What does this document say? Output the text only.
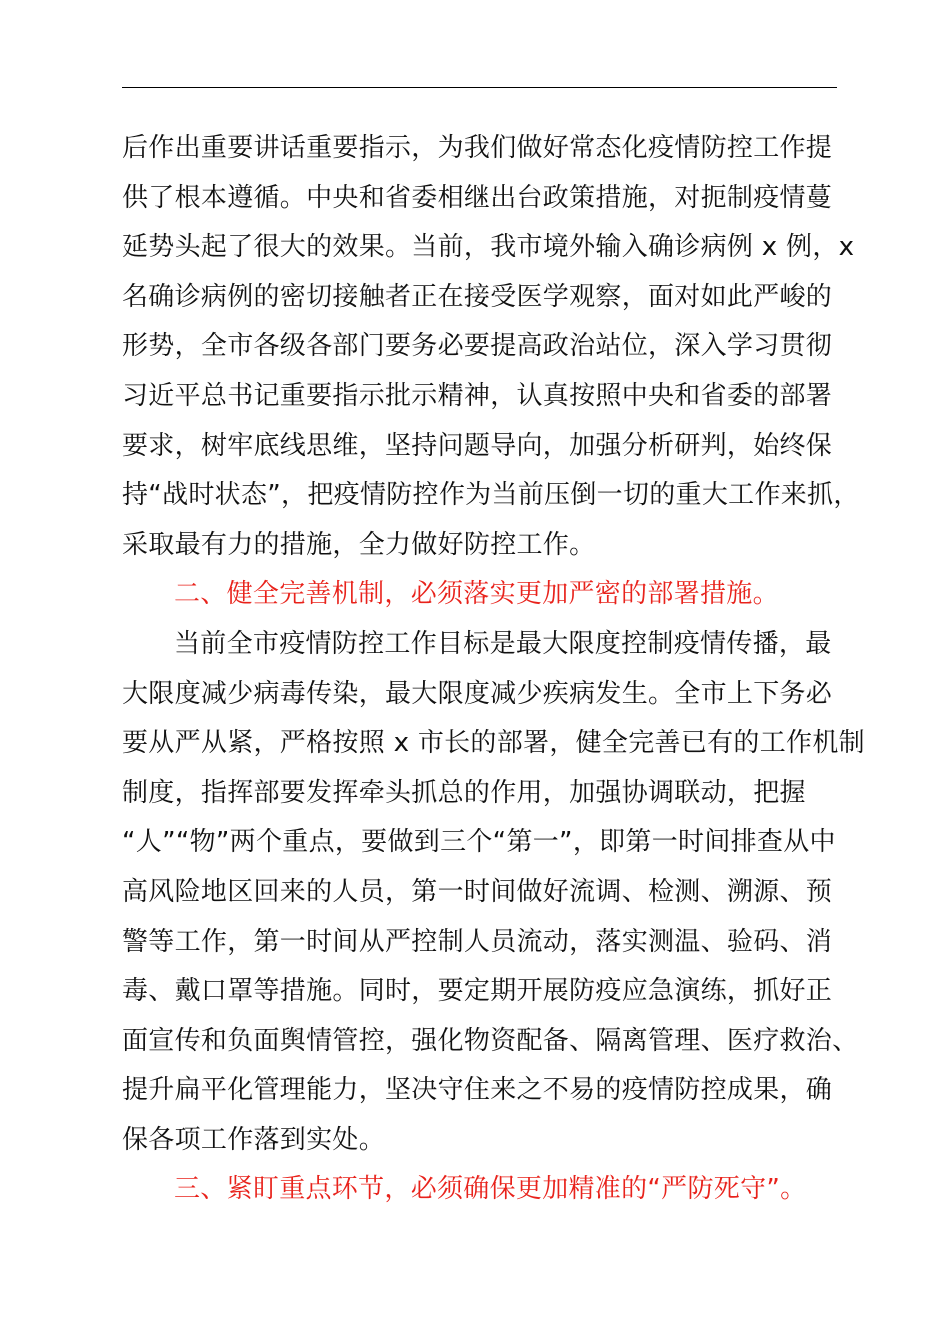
后作出重要讲话重要指示，为我们做好常态化疫情防控工作提
供了根本遵循。中央和省委相继出台政策措施，对扼制疫情蔓
延势头起了很大的效果。当前，我市境外输入确诊病例 x 例，x
名确诊病例的密切接触者正在接受医学观察，面对如此严峻的
形势，全市各级各部门要务必要提高政治站位，深入学习贯彻
习近平总书记重要指示批示精神，认真按照中央和省委的部署
要求，树牢底线思维，坚持问题导向，加强分析研判，始终保
持“战时状态”，把疫情防控作为当前压倒一切的重大工作来抓，
采取最有力的措施，全力做好防控工作。
二、健全完善机制，必须落实更加严密的部署措施。
当前全市疫情防控工作目标是最大限度控制疫情传播，最
大限度减少病毒传染，最大限度减少疾病发生。全市上下务必
要从严从紧，严格按照 x 市长的部署，健全完善已有的工作机制
制度，指挥部要发挥牵头抓总的作用，加强协调联动，把握
“人”“物”两个重点，要做到三个“第一”，即第一时间排查从中
高风险地区回来的人员，第一时间做好流调、检测、溯源、预
警等工作，第一时间从严控制人员流动，落实测温、验码、消
毒、戴口罩等措施。同时，要定期开展防疫应急演练，抓好正
面宣传和负面舆情管控，强化物资配备、隔离管理、医疗救治、
提升扁平化管理能力，坚决守住来之不易的疫情防控成果，确
保各项工作落到实处。
三、紧盯重点环节，必须确保更加精准的“严防死守”。
